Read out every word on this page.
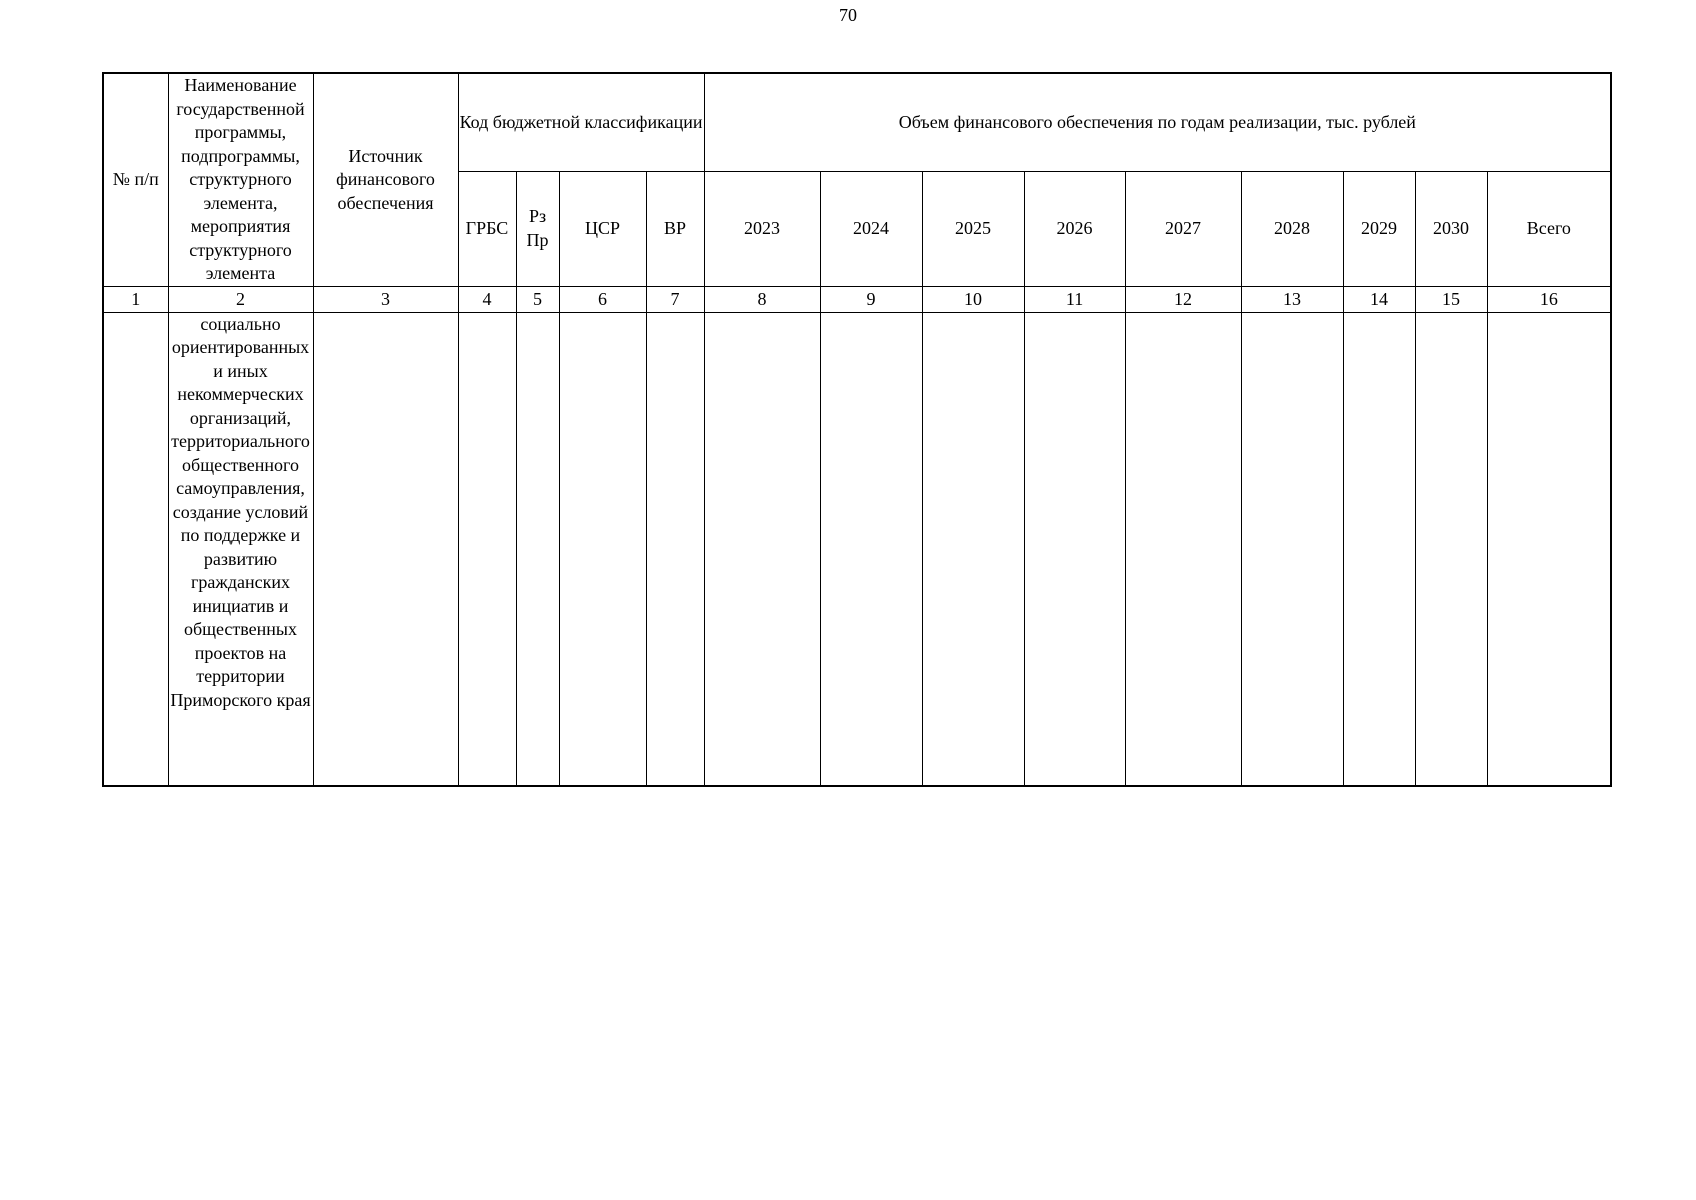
70
№ п/п	Наименование государственной программы, подпрограммы, структурного элемента, мероприятия структурного элемента	Источник финансового обеспечения	Код бюджетной классификации				Объем финансового обеспечения по годам реализации, тыс. рублей								
			ГРБС	Рз Пр	ЦСР	ВР	2023	2024	2025	2026	2027	2028	2029	2030	Всего
1	2	3	4	5	6	7	8	9	10	11	12	13	14	15	16

	социально ориентированных и иных некоммерческих организаций, территориального общественного самоуправления, создание условий по поддержке и развитию гражданских инициатив и общественных проектов на территории Приморского края														
